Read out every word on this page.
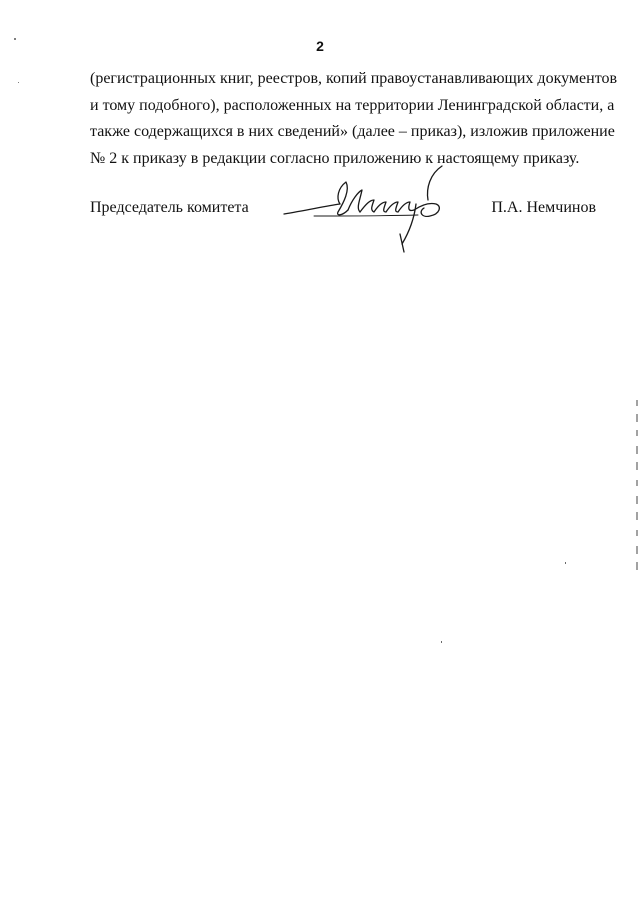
2

(регистрационных книг, реестров, копий правоустанавливающих документов
и тому подобного), расположенных на территории Ленинградской области, а
также содержащихся в них сведений» (далее – приказ), изложив приложение
№ 2 к приказу в редакции согласно приложению к настоящему приказу.

Председатель комитета	П.А. Немчинов
